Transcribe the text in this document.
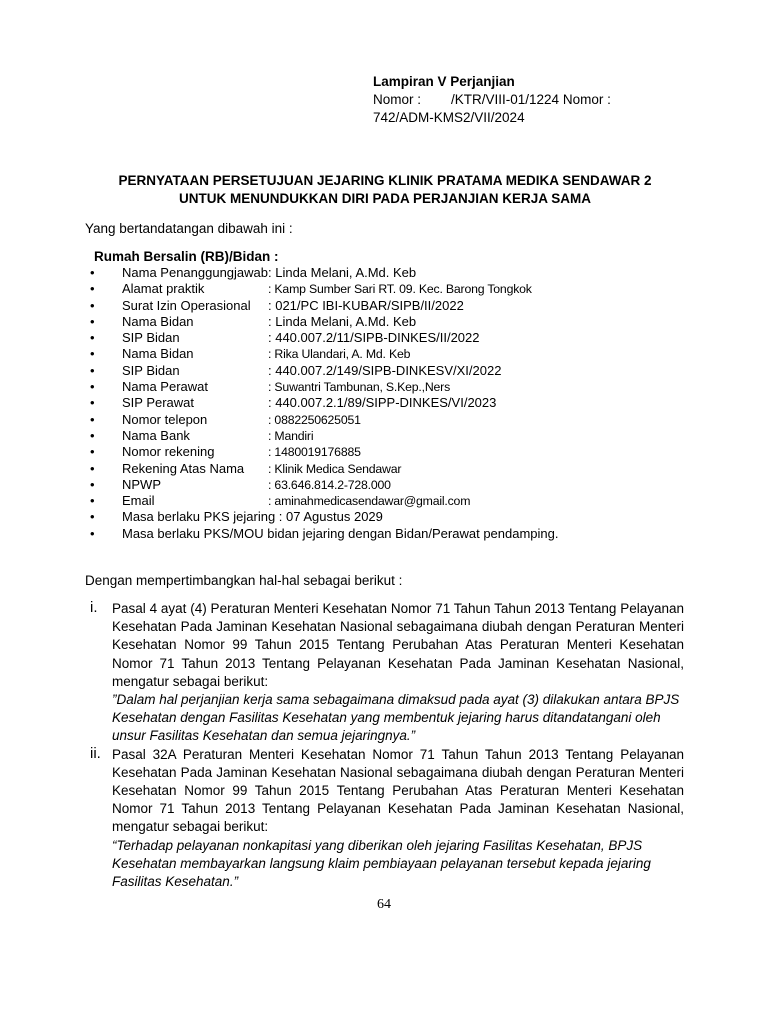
Lampiran V Perjanjian
Nomor :        /KTR/VIII-01/1224 Nomor :
742/ADM-KMS2/VII/2024
PERNYATAAN PERSETUJUAN JEJARING KLINIK PRATAMA MEDIKA SENDAWAR 2
UNTUK MENUNDUKKAN DIRI PADA PERJANJIAN KERJA SAMA
Yang bertandatangan dibawah ini :
Rumah Bersalin (RB)/Bidan :
• Nama Penanggungjawab: Linda Melani, A.Md. Keb
• Alamat praktik	: Kamp Sumber Sari RT. 09. Kec. Barong Tongkok
• Surat Izin Operasional : 021/PC IBI-KUBAR/SIPB/II/2022
• Nama Bidan	: Linda Melani, A.Md. Keb
• SIP Bidan	: 440.007.2/11/SIPB-DINKES/II/2022
• Nama Bidan	: Rika Ulandari, A. Md. Keb
• SIP Bidan	: 440.007.2/149/SIPB-DINKESV/XI/2022
• Nama Perawat	: Suwantri Tambunan, S.Kep.,Ners
• SIP Perawat	: 440.007.2.1/89/SIPP-DINKES/VI/2023
• Nomor telepon	: 0882250625051
• Nama Bank	: Mandiri
• Nomor rekening	: 1480019176885
• Rekening Atas Nama : Klinik Medica Sendawar
• NPWP	: 63.646.814.2-728.000
• Email	: aminahmedicasendawar@gmail.com
• Masa berlaku PKS jejaring : 07 Agustus 2029
• Masa berlaku PKS/MOU bidan jejaring dengan Bidan/Perawat pendamping.
Dengan mempertimbangkan hal-hal sebagai berikut :
i. Pasal 4 ayat (4) Peraturan Menteri Kesehatan Nomor 71 Tahun Tahun 2013 Tentang Pelayanan Kesehatan Pada Jaminan Kesehatan Nasional sebagaimana diubah dengan Peraturan Menteri Kesehatan Nomor 99 Tahun 2015 Tentang Perubahan Atas Peraturan Menteri Kesehatan Nomor 71 Tahun 2013 Tentang Pelayanan Kesehatan Pada Jaminan Kesehatan Nasional, mengatur sebagai berikut:
”Dalam hal perjanjian kerja sama sebagaimana dimaksud pada ayat (3) dilakukan antara BPJS Kesehatan dengan Fasilitas Kesehatan yang membentuk jejaring harus ditandatangani oleh unsur Fasilitas Kesehatan dan semua jejaringnya.”
ii. Pasal 32A Peraturan Menteri Kesehatan Nomor 71 Tahun Tahun 2013 Tentang Pelayanan Kesehatan Pada Jaminan Kesehatan Nasional sebagaimana diubah dengan Peraturan Menteri Kesehatan Nomor 99 Tahun 2015 Tentang Perubahan Atas Peraturan Menteri Kesehatan Nomor 71 Tahun 2013 Tentang Pelayanan Kesehatan Pada Jaminan Kesehatan Nasional, mengatur sebagai berikut:
“Terhadap pelayanan nonkapitasi yang diberikan oleh jejaring Fasilitas Kesehatan, BPJS Kesehatan membayarkan langsung klaim pembiayaan pelayanan tersebut kepada jejaring Fasilitas Kesehatan.”
64
